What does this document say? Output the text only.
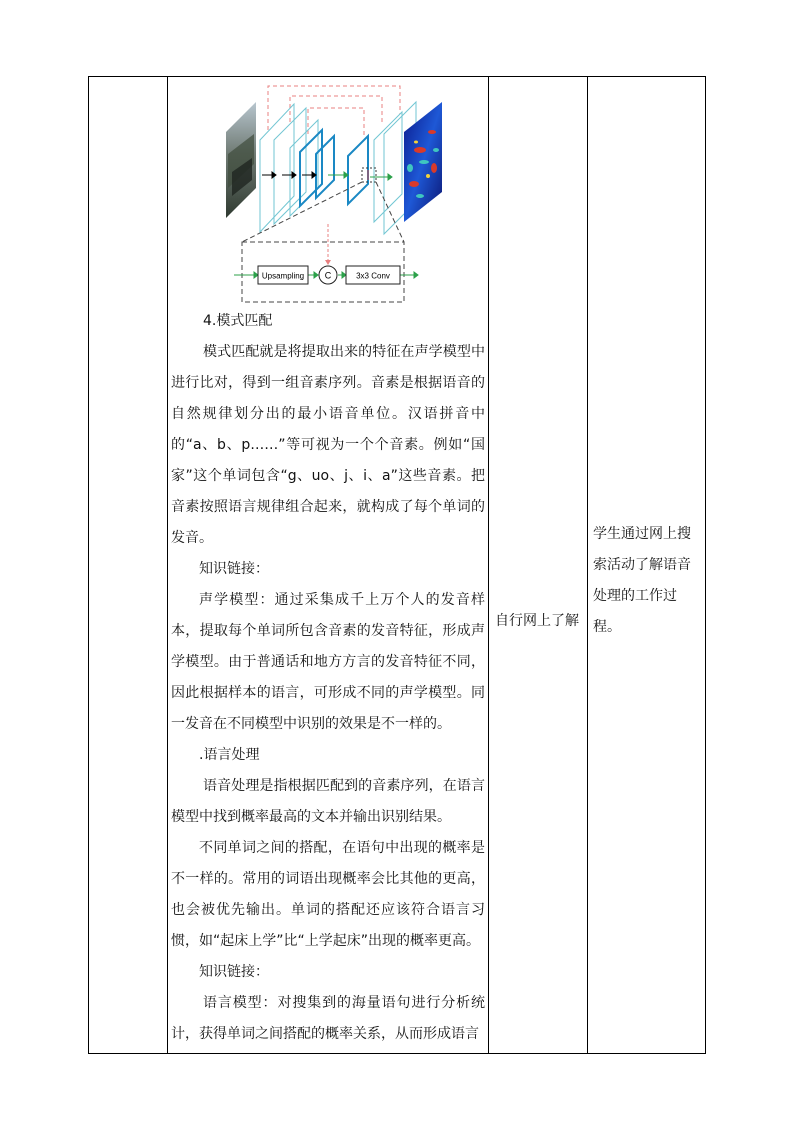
Upsampling C	3x3 Conv

4.模式匹配

模式匹配就是将提取出来的特征在声学模型中进行比对，得到一组音素序列。音素是根据语音的自然规律划分出的最小语音单位。汉语拼音中的“a、b、p……”等可视为一个个音素。例如“国家”这个单词包含“g、uo、j、i、a”这些音素。把音素按照语言规律组合起来，就构成了每个单词的发音。

知识链接：

声学模型：通过采集成千上万个人的发音样本，提取每个单词所包含音素的发音特征，形成声学模型。由于普通话和地方方言的发音特征不同，因此根据样本的语言，可形成不同的声学模型。同一发音在不同模型中识别的效果是不一样的。

.语言处理

语音处理是指根据匹配到的音素序列，在语言模型中找到概率最高的文本并输出识别结果。

不同单词之间的搭配，在语句中出现的概率是不一样的。常用的词语出现概率会比其他的更高，也会被优先输出。单词的搭配还应该符合语言习惯，如“起床上学”比“上学起床”出现的概率更高。

知识链接：

语言模型：对搜集到的海量语句进行分析统计，获得单词之间搭配的概率关系，从而形成语言

自行网上了解
学生通过网上搜索活动了解语音处理的工作过程。
